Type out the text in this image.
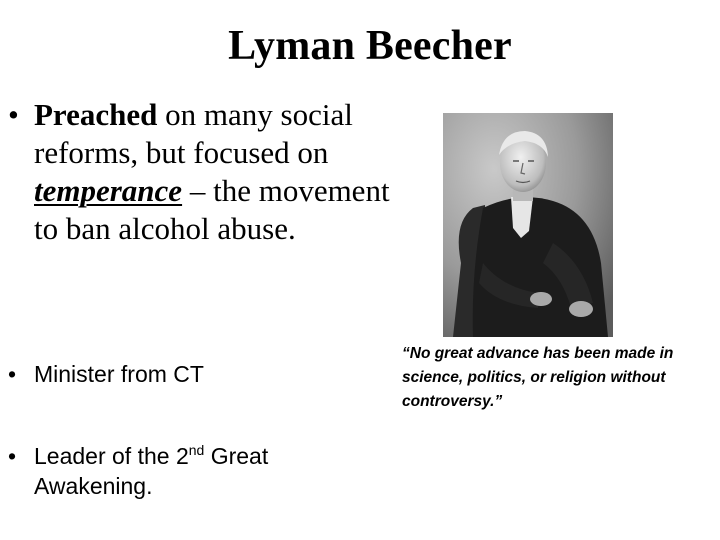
Lyman Beecher
• Preached on many social reforms, but focused on temperance – the movement to ban alcohol abuse.
• Minister from CT
• Leader of the 2nd Great Awakening.
“No great advance has been made in science, politics, or religion without controversy.”
